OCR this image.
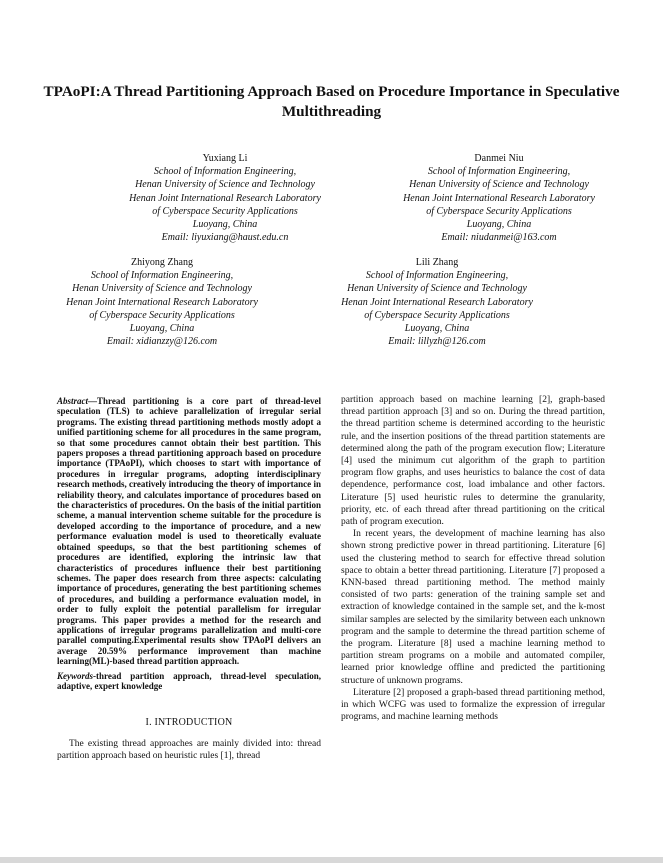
TPAoPI:A Thread Partitioning Approach Based on Procedure Importance in Speculative Multithreading
Yuxiang Li
School of Information Engineering,
Henan University of Science and Technology
Henan Joint International Research Laboratory
of Cyberspace Security Applications
Luoyang, China
Email: liyuxiang@haust.edu.cn
Danmei Niu
School of Information Engineering,
Henan University of Science and Technology
Henan Joint International Research Laboratory
of Cyberspace Security Applications
Luoyang, China
Email: niudanmei@163.com
Zhiyong Zhang
School of Information Engineering,
Henan University of Science and Technology
Henan Joint International Research Laboratory
of Cyberspace Security Applications
Luoyang, China
Email: xidianzzy@126.com
Lili Zhang
School of Information Engineering,
Henan University of Science and Technology
Henan Joint International Research Laboratory
of Cyberspace Security Applications
Luoyang, China
Email: lillyzh@126.com

Abstract—Thread partitioning is a core part of thread-level speculation (TLS) to achieve parallelization of irregular serial programs. The existing thread partitioning methods mostly adopt a unified partitioning scheme for all procedures in the same program, so that some procedures cannot obtain their best partition. This papers proposes a thread partitioning approach based on procedure importance (TPAoPI), which chooses to start with importance of procedures in irregular programs, adopting interdisciplinary research methods, creatively introducing the theory of importance in reliability theory, and calculates importance of procedures based on the characteristics of procedures. On the basis of the initial partition scheme, a manual intervention scheme suitable for the procedure is developed according to the importance of procedure, and a new performance evaluation model is used to theoretically evaluate obtained speedups, so that the best partitioning schemes of procedures are identified, exploring the intrinsic law that characteristics of procedures influence their best partitioning schemes. The paper does research from three aspects: calculating importance of procedures, generating the best partitioning schemes of procedures, and building a performance evaluation model, in order to fully exploit the potential parallelism for irregular programs. This paper provides a method for the research and applications of irregular programs parallelization and multi-core parallel computing.Experimental results show TPAoPI delivers an average 20.59% performance improvement than machine learning(ML)-based thread partition approach.

Keywords-thread partition approach, thread-level speculation, adaptive, expert knowledge

I. INTRODUCTION

The existing thread approaches are mainly divided into: thread partition approach based on heuristic rules [1], thread

partition approach based on machine learning [2], graph-based thread partition approach [3] and so on. During the thread partition, the thread partition scheme is determined according to the heuristic rule, and the insertion positions of the thread partition statements are determined along the path of the program execution flow; Literature [4] used the minimum cut algorithm of the graph to partition program flow graphs, and uses heuristics to balance the cost of data dependence, performance cost, load imbalance and other factors. Literature [5] used heuristic rules to determine the granularity, priority, etc. of each thread after thread partitioning on the critical path of program execution.

In recent years, the development of machine learning has also shown strong predictive power in thread partitioning. Literature [6] used the clustering method to search for effective thread solution space to obtain a better thread partitioning. Literature [7] proposed a KNN-based thread partitioning method. The method mainly consisted of two parts: generation of the training sample set and extraction of knowledge contained in the sample set, and the k-most similar samples are selected by the similarity between each unknown program and the sample to determine the thread partition scheme of the program. Literature [8] used a machine learning method to partition stream programs on a mobile and automated compiler, learned prior knowledge offline and predicted the partitioning structure of unknown programs.

Literature [2] proposed a graph-based thread partitioning method, in which WCFG was used to formalize the expression of irregular programs, and machine learning methods
